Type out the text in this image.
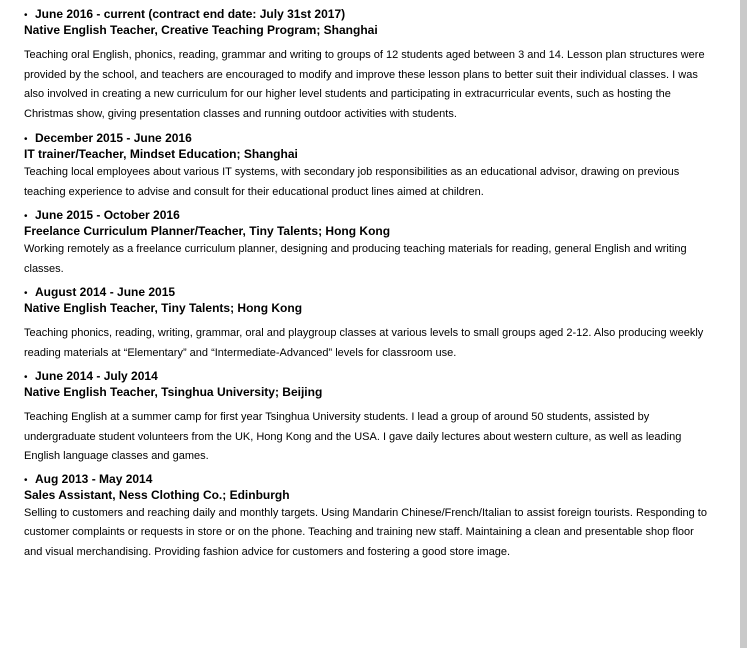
• June 2016 - current (contract end date: July 31st 2017)
Native English Teacher, Creative Teaching Program; Shanghai
Teaching oral English, phonics, reading, grammar and writing to groups of 12 students aged between 3 and 14. Lesson plan structures were provided by the school, and teachers are encouraged to modify and improve these lesson plans to better suit their individual classes. I was also involved in creating a new curriculum for our higher level students and participating in extracurricular events, such as hosting the Christmas show, giving presentation classes and running outdoor activities with students.
• December 2015 - June 2016
IT trainer/Teacher, Mindset Education; Shanghai
Teaching local employees about various IT systems, with secondary job responsibilities as an educational advisor, drawing on previous teaching experience to advise and consult for their educational product lines aimed at children.
• June 2015 - October 2016
Freelance Curriculum Planner/Teacher, Tiny Talents; Hong Kong
Working remotely as a freelance curriculum planner, designing and producing teaching materials for reading, general English and writing classes.
• August 2014 - June 2015
Native English Teacher, Tiny Talents; Hong Kong
Teaching phonics, reading, writing, grammar, oral and playgroup classes at various levels to small groups aged 2-12. Also producing weekly reading materials at “Elementary” and “Intermediate-Advanced” levels for classroom use.
• June 2014 - July 2014
Native English Teacher, Tsinghua University; Beijing
Teaching English at a summer camp for first year Tsinghua University students. I lead a group of around 50 students, assisted by undergraduate student volunteers from the UK, Hong Kong and the USA. I gave daily lectures about western culture, as well as leading English language classes and games.
• Aug 2013 - May 2014
Sales Assistant, Ness Clothing Co.; Edinburgh
Selling to customers and reaching daily and monthly targets. Using Mandarin Chinese/French/Italian to assist foreign tourists. Responding to customer complaints or requests in store or on the phone. Teaching and training new staff. Maintaining a clean and presentable shop floor and visual merchandising. Providing fashion advice for customers and fostering a good store image.
